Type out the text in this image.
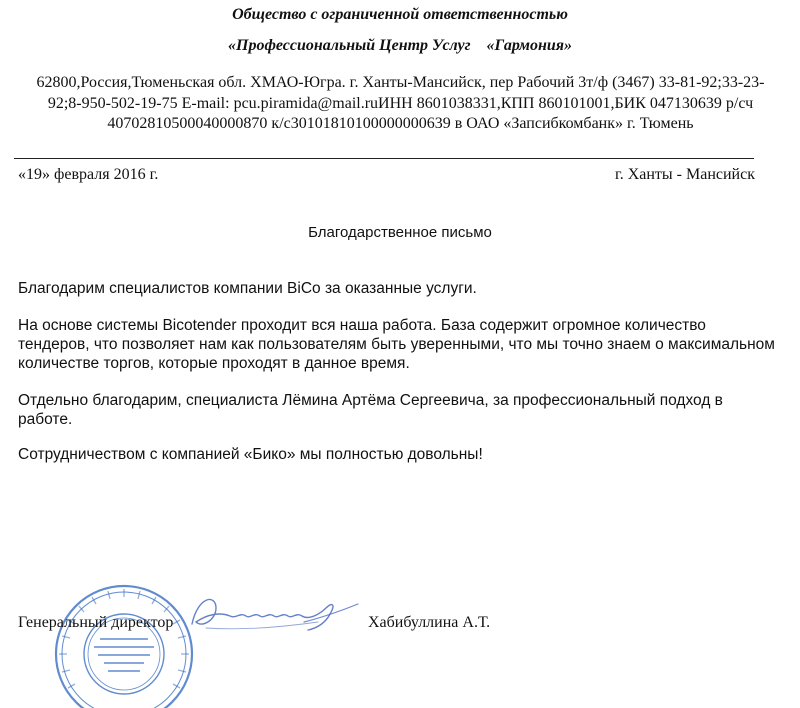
Общество с ограниченной ответственностью
«Профессиональный Центр Услуг    «Гармония»
62800,Россия,Тюменьская обл. ХМАО-Югра. г. Ханты-Мансийск, пер Рабочий 3т/ф (3467) 33-81-92;33-23-92;8-950-502-19-75 E-mail: pcu.piramida@mail.ruИНН 8601038331,КПП 860101001,БИК 047130639 р/сч 40702810500040000870 к/с30101810100000000639 в ОАО «Запсибкомбанк» г. Тюмень
«19» февраля 2016 г.	г. Ханты - Мансийск
Благодарственное письмо
Благодарим специалистов компании BiCo за оказанные услуги.
На основе системы Bicotender проходит вся наша работа. База содержит огромное количество тендеров, что позволяет нам как пользователям быть уверенными, что мы точно знаем о максимальном количестве торгов, которые проходят в данное время.
Отдельно благодарим, специалиста Лёмина Артёма Сергеевича, за профессиональный подход в работе.
Сотрудничеством с компанией «Бико» мы полностью довольны!
Генеральный директор	Хабибуллина А.Т.
